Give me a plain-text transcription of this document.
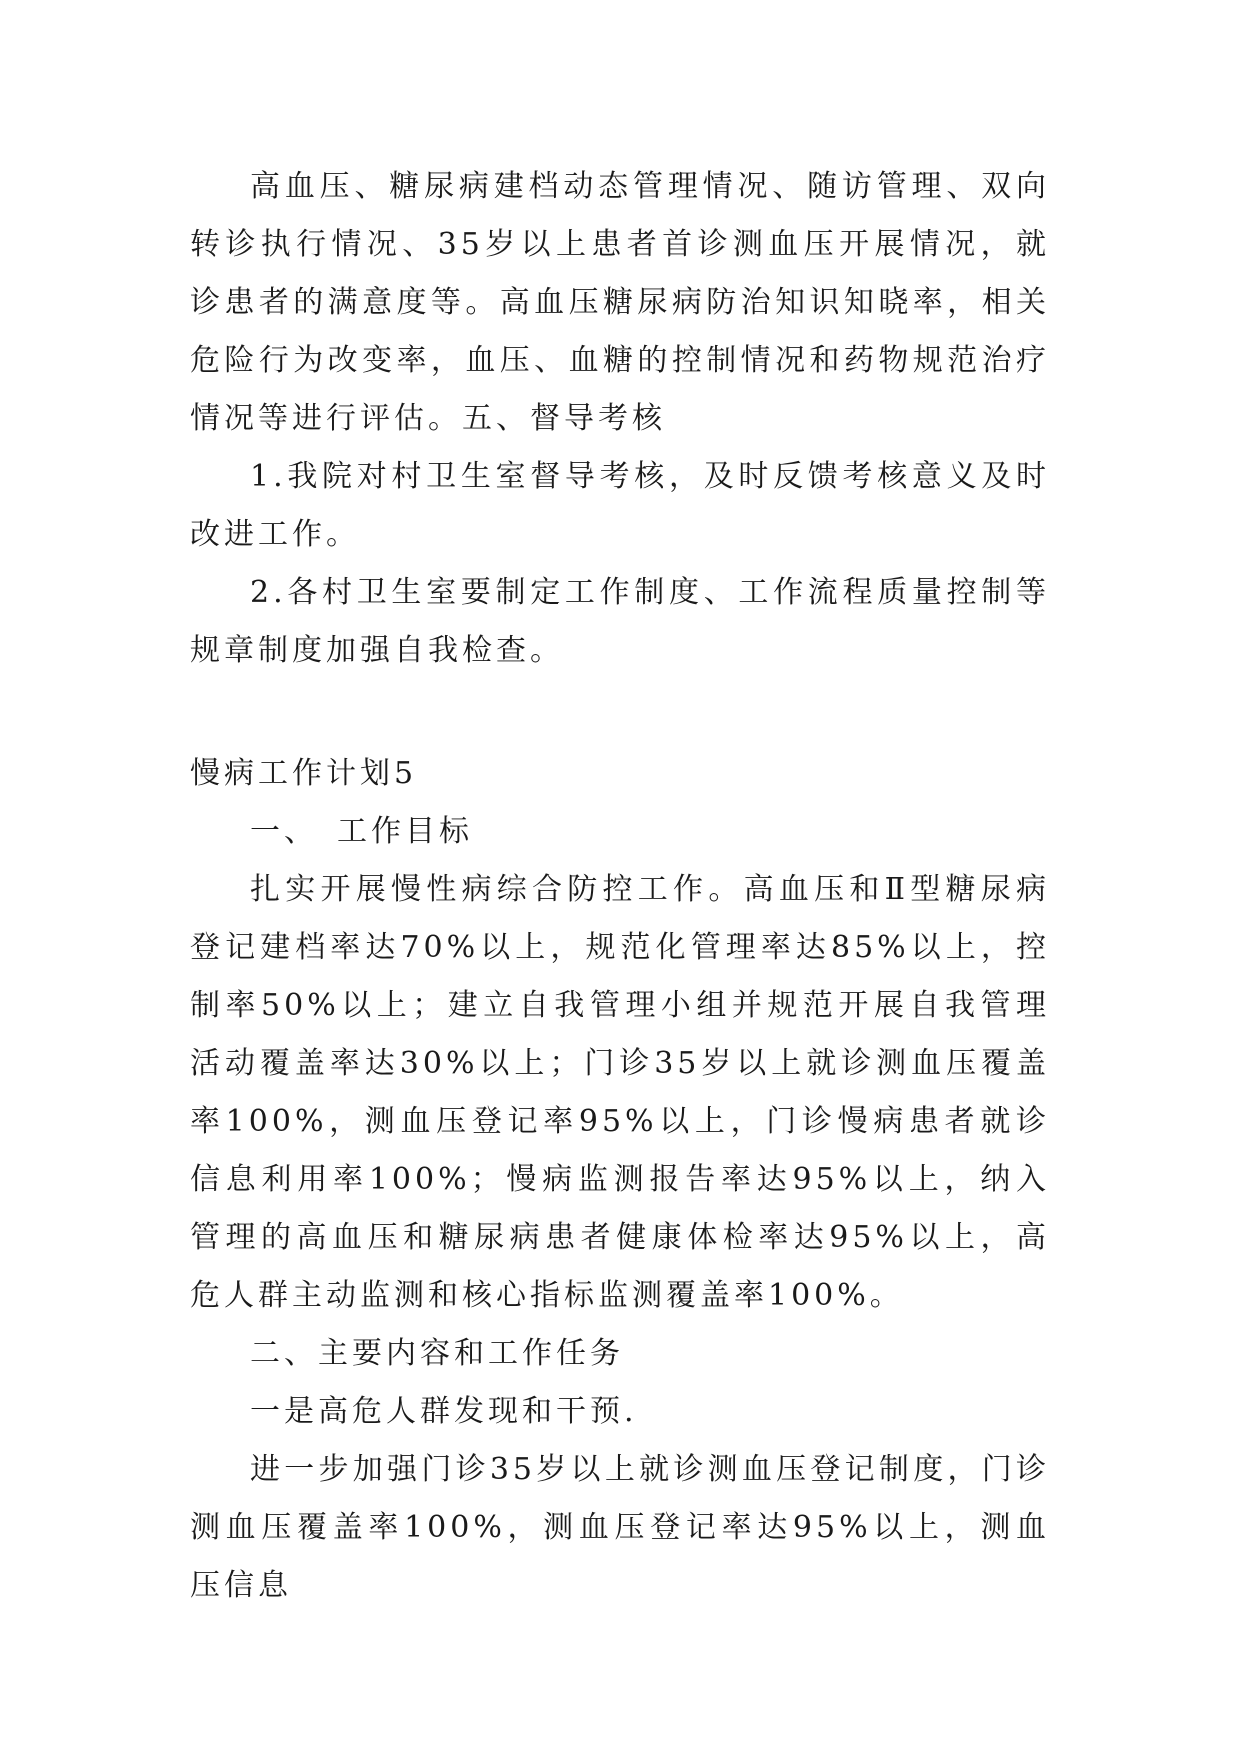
高血压、糖尿病建档动态管理情况、随访管理、双向转诊执行情况、35岁以上患者首诊测血压开展情况，就诊患者的满意度等。高血压糖尿病防治知识知晓率，相关危险行为改变率，血压、血糖的控制情况和药物规范治疗情况等进行评估。五、督导考核

1.我院对村卫生室督导考核，及时反馈考核意义及时改进工作。

2.各村卫生室要制定工作制度、工作流程质量控制等规章制度加强自我检查。

慢病工作计划5

一、　工作目标

扎实开展慢性病综合防控工作。高血压和Ⅱ型糖尿病登记建档率达70%以上，规范化管理率达85%以上，控制率50%以上；建立自我管理小组并规范开展自我管理活动覆盖率达30%以上；门诊35岁以上就诊测血压覆盖率100%，测血压登记率95%以上，门诊慢病患者就诊信息利用率100%；慢病监测报告率达95%以上，纳入管理的高血压和糖尿病患者健康体检率达95%以上，高危人群主动监测和核心指标监测覆盖率100%。

二、主要内容和工作任务

一是高危人群发现和干预.

进一步加强门诊35岁以上就诊测血压登记制度，门诊测血压覆盖率100%，测血压登记率达95%以上，测血压信息
